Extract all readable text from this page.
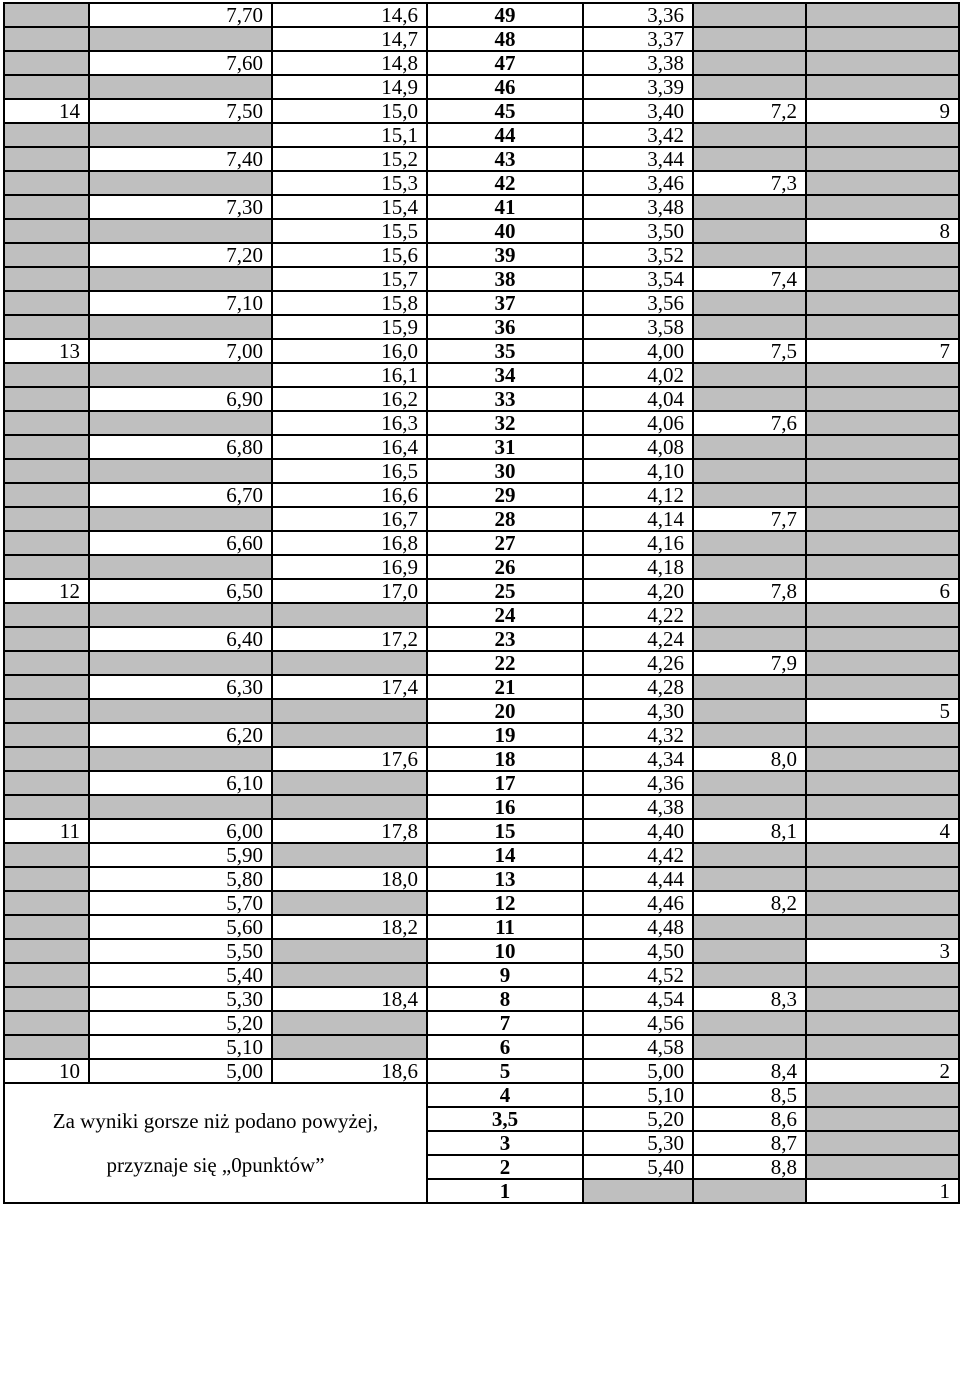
	7,70	14,6	49	3,36		
		14,7	48	3,37		
	7,60	14,8	47	3,38		
		14,9	46	3,39		
14	7,50	15,0	45	3,40	7,2	9
		15,1	44	3,42		
	7,40	15,2	43	3,44		
		15,3	42	3,46	7,3	
	7,30	15,4	41	3,48		
		15,5	40	3,50		8
	7,20	15,6	39	3,52		
		15,7	38	3,54	7,4	
	7,10	15,8	37	3,56		
		15,9	36	3,58		
13	7,00	16,0	35	4,00	7,5	7
		16,1	34	4,02		
	6,90	16,2	33	4,04		
		16,3	32	4,06	7,6	
	6,80	16,4	31	4,08		
		16,5	30	4,10		
	6,70	16,6	29	4,12		
		16,7	28	4,14	7,7	
	6,60	16,8	27	4,16		
		16,9	26	4,18		
12	6,50	17,0	25	4,20	7,8	6
			24	4,22		
	6,40	17,2	23	4,24		
			22	4,26	7,9	
	6,30	17,4	21	4,28		
			20	4,30		5
	6,20		19	4,32		
		17,6	18	4,34	8,0	
	6,10		17	4,36		
			16	4,38		
11	6,00	17,8	15	4,40	8,1	4
	5,90		14	4,42		
	5,80	18,0	13	4,44		
	5,70		12	4,46	8,2	
	5,60	18,2	11	4,48		
	5,50		10	4,50		3
	5,40		9	4,52		
	5,30	18,4	8	4,54	8,3	
	5,20		7	4,56		
	5,10		6	4,58		
10	5,00	18,6	5	5,00	8,4	2

Za wyniki gorsze niż podano powyżej,
przyznaje się „0punktów”			4	5,10	8,5	
			3,5	5,20	8,6	
			3	5,30	8,7	
			2	5,40	8,8	
			1			1
